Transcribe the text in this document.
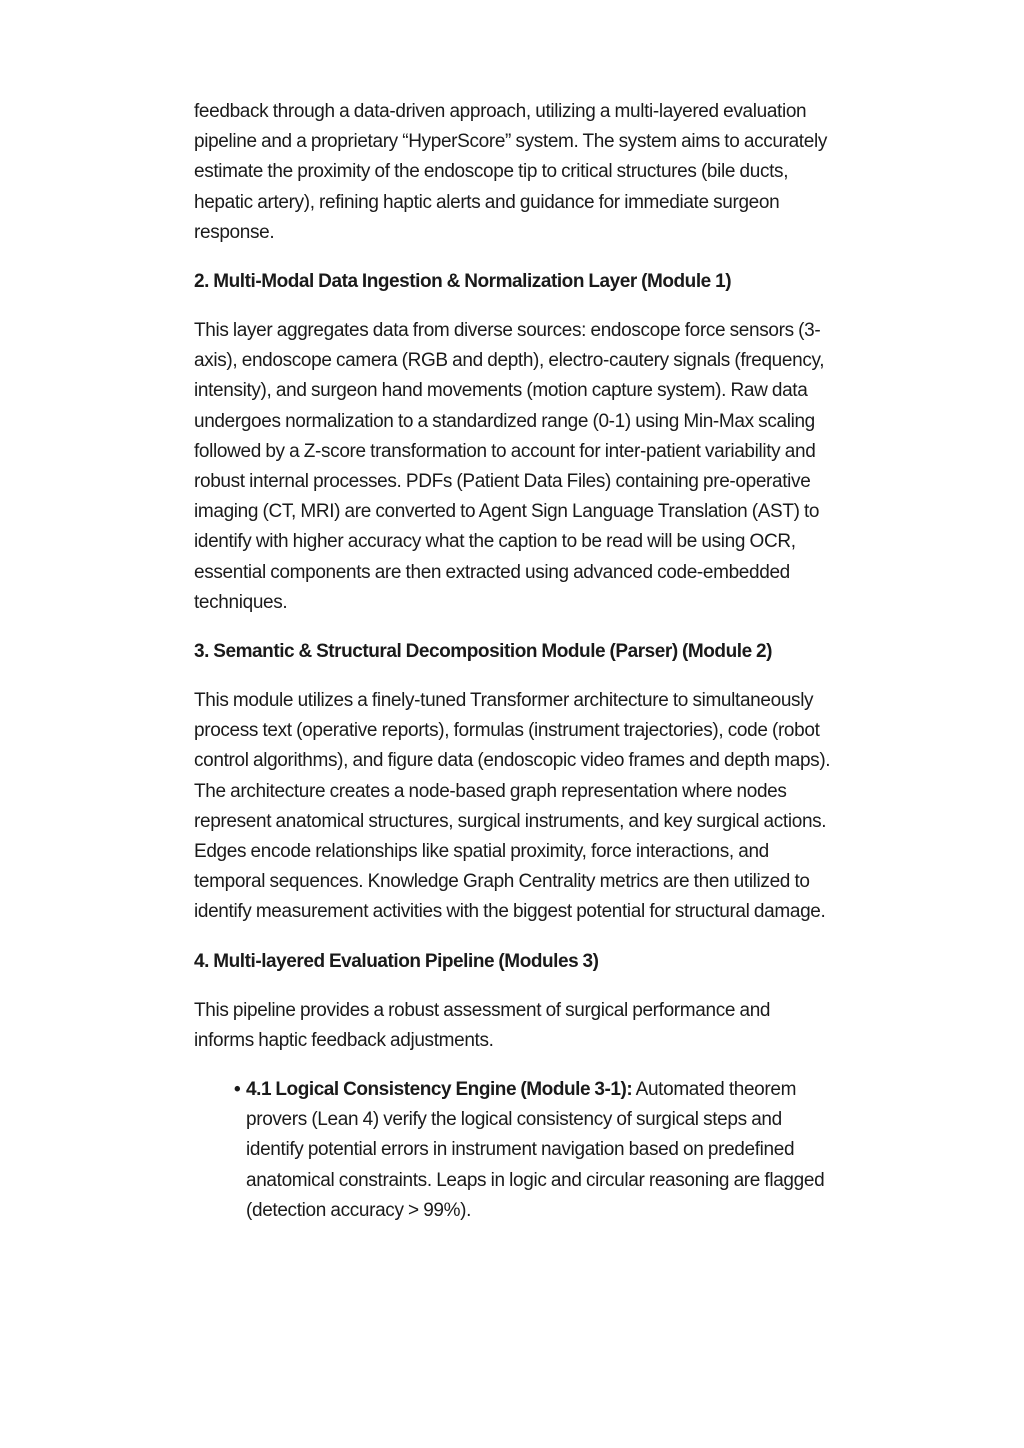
feedback through a data-driven approach, utilizing a multi-layered evaluation pipeline and a proprietary “HyperScore” system. The system aims to accurately estimate the proximity of the endoscope tip to critical structures (bile ducts, hepatic artery), refining haptic alerts and guidance for immediate surgeon response.

2. Multi-Modal Data Ingestion & Normalization Layer (Module 1)

This layer aggregates data from diverse sources: endoscope force sensors (3-axis), endoscope camera (RGB and depth), electro-cautery signals (frequency, intensity), and surgeon hand movements (motion capture system). Raw data undergoes normalization to a standardized range (0-1) using Min-Max scaling followed by a Z-score transformation to account for inter-patient variability and robust internal processes. PDFs (Patient Data Files) containing pre-operative imaging (CT, MRI) are converted to Agent Sign Language Translation (AST) to identify with higher accuracy what the caption to be read will be using OCR, essential components are then extracted using advanced code-embedded techniques.

3. Semantic & Structural Decomposition Module (Parser) (Module 2)

This module utilizes a finely-tuned Transformer architecture to simultaneously process text (operative reports), formulas (instrument trajectories), code (robot control algorithms), and figure data (endoscopic video frames and depth maps). The architecture creates a node-based graph representation where nodes represent anatomical structures, surgical instruments, and key surgical actions. Edges encode relationships like spatial proximity, force interactions, and temporal sequences. Knowledge Graph Centrality metrics are then utilized to identify measurement activities with the biggest potential for structural damage.

4. Multi-layered Evaluation Pipeline (Modules 3)

This pipeline provides a robust assessment of surgical performance and informs haptic feedback adjustments.

• 4.1 Logical Consistency Engine (Module 3-1): Automated theorem provers (Lean 4) verify the logical consistency of surgical steps and identify potential errors in instrument navigation based on predefined anatomical constraints. Leaps in logic and circular reasoning are flagged (detection accuracy > 99%).
